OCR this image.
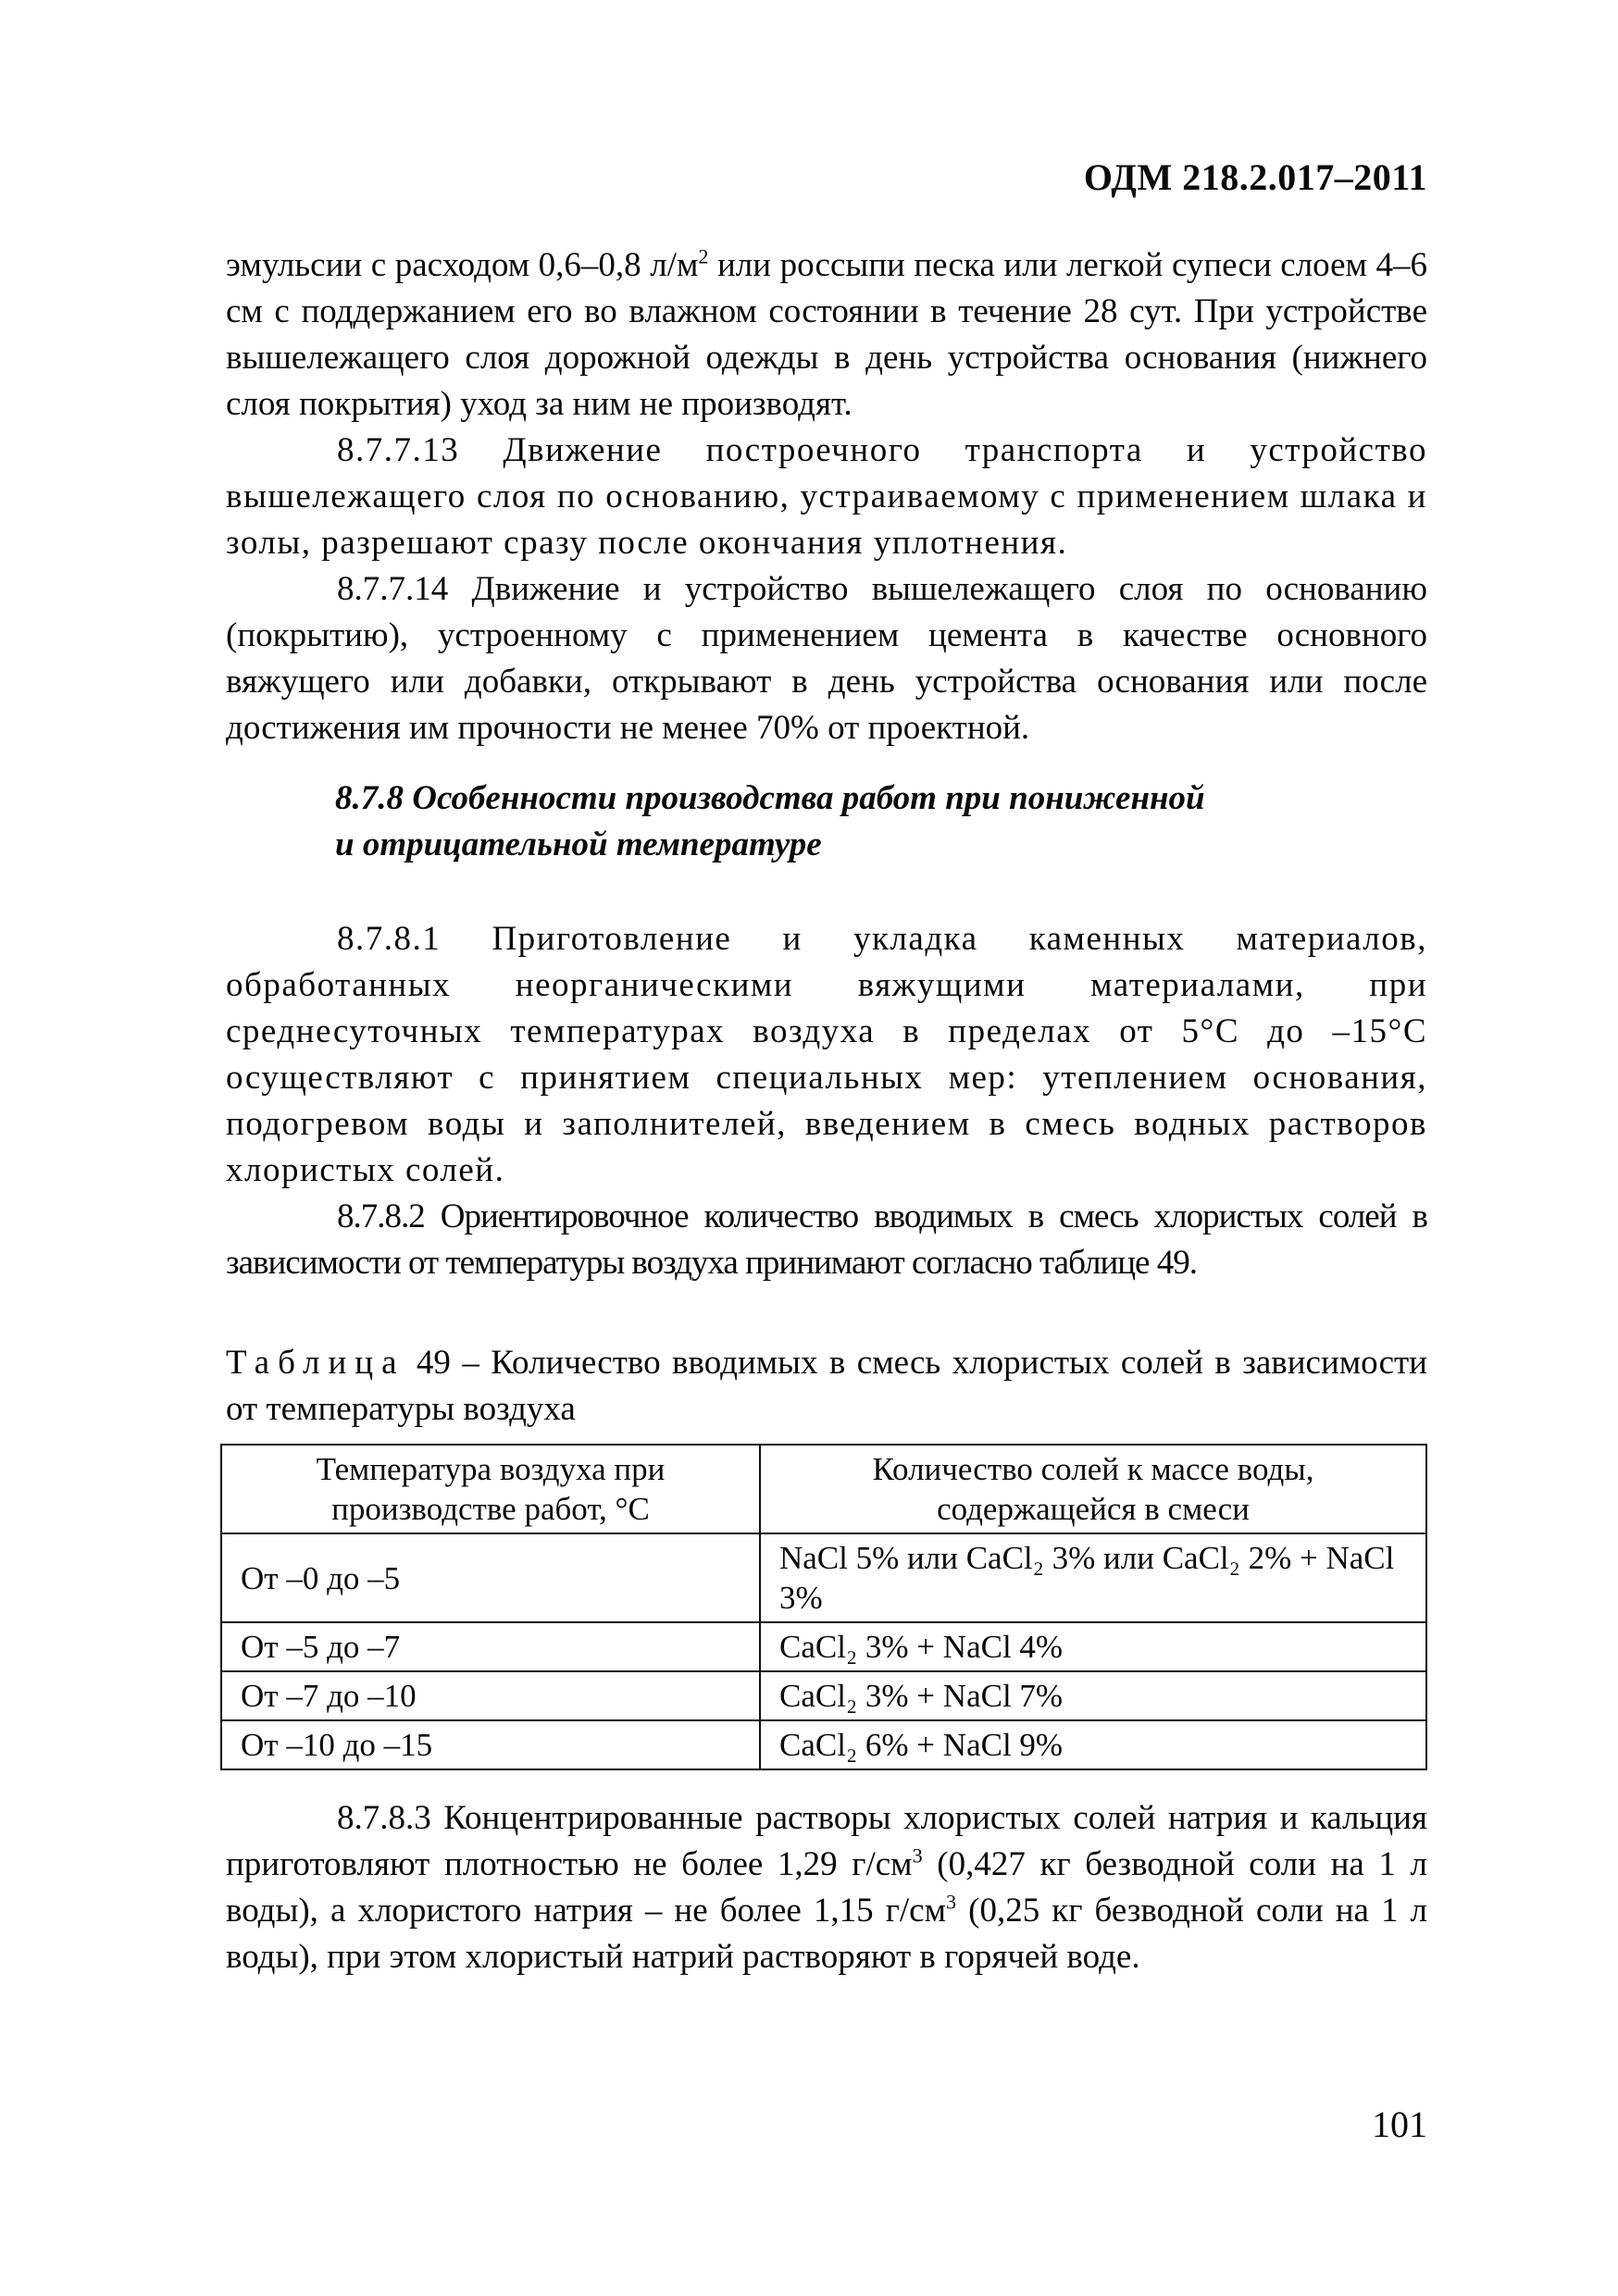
ОДМ 218.2.017–2011

эмульсии с расходом 0,6–0,8 $л/м^2$ или россыпи песка или легкой супеси слоем 4–6 см с поддержанием его во влажном состоянии в течение 28 сут. При устройстве вышележащего слоя дорожной одежды в день устройства основания (нижнего слоя покрытия) уход за ним не производят.

8.7.7.13 Движение построечного транспорта и устройство вышележащего слоя по основанию, устраиваемому с применением шлака и золы, разрешают сразу после окончания уплотнения.

8.7.7.14 Движение и устройство вышележащего слоя по основанию (покрытию), устроенному с применением цемента в качестве основного вяжущего или добавки, открывают в день устройства основания или после достижения им прочности не менее 70% от проектной.

8.7.8 Особенности производства работ при пониженной
и отрицательной температуре

8.7.8.1 Приготовление и укладка каменных материалов, обработанных неорганическими вяжущими материалами, при среднесуточных температурах воздуха в пределах от 5°С до –15°С осуществляют с принятием специальных мер: утеплением основания, подогревом воды и заполнителей, введением в смесь водных растворов хлористых солей.

8.7.8.2 Ориентировочное количество вводимых в смесь хлористых солей в зависимости от температуры воздуха принимают согласно таблице 49.

Таблица 49 – Количество вводимых в смесь хлористых солей в зависимости от температуры воздуха
Температура воздуха при производстве работ, °С	Количество солей к массе воды, содержащейся в смеси
От –0 до –5	NaCl 5% или CaCl₂ 3% или CaCl₂ 2% + NaCl 3%
От –5 до –7	CaCl₂ 3% + NaCl 4%
От –7 до –10	CaCl₂ 3% + NaCl 7%
От –10 до –15	CaCl₂ 6% + NaCl 9%

8.7.8.3 Концентрированные растворы хлористых солей натрия и кальция приготовляют плотностью не более 1,29 $г/см^3$ (0,427 кг безводной соли на 1 л воды), а хлористого натрия – не более 1,15 $г/см^3$ (0,25 кг безводной соли на 1 л воды), при этом хлористый натрий растворяют в горячей воде.

101
